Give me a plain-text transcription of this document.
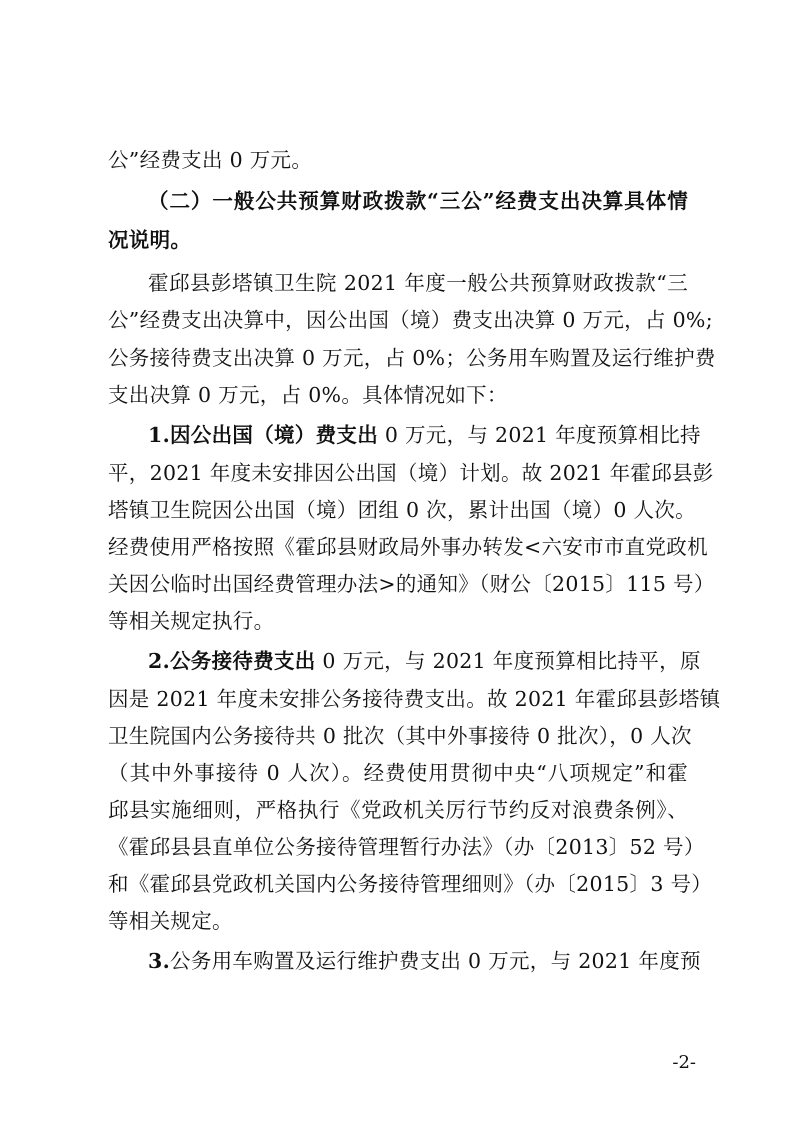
公”经费支出 0 万元。
（二）一般公共预算财政拨款“三公”经费支出决算具体情
况说明。
霍邱县彭塔镇卫生院 2021 年度一般公共预算财政拨款“三
公”经费支出决算中，因公出国（境）费支出决算 0 万元，占 0%;
公务接待费支出决算 0 万元，占 0%；公务用车购置及运行维护费
支出决算 0 万元，占 0%。具体情况如下：
1.因公出国（境）费支出 0 万元，与 2021 年度预算相比持
平，2021 年度未安排因公出国（境）计划。故 2021 年霍邱县彭
塔镇卫生院因公出国（境）团组 0 次，累计出国（境）0 人次。
经费使用严格按照《霍邱县财政局外事办转发<六安市市直党政机
关因公临时出国经费管理办法>的通知》（财公〔2015〕115 号）
等相关规定执行。
2.公务接待费支出 0 万元，与 2021 年度预算相比持平，原
因是 2021 年度未安排公务接待费支出。故 2021 年霍邱县彭塔镇
卫生院国内公务接待共 0 批次（其中外事接待 0 批次），0 人次
（其中外事接待 0 人次）。经费使用贯彻中央“八项规定”和霍
邱县实施细则，严格执行《党政机关厉行节约反对浪费条例》、
《霍邱县县直单位公务接待管理暂行办法》（办〔2013〕52 号）
和《霍邱县党政机关国内公务接待管理细则》（办〔2015〕3 号）
等相关规定。
3.公务用车购置及运行维护费支出 0 万元，与 2021 年度预
-2-
